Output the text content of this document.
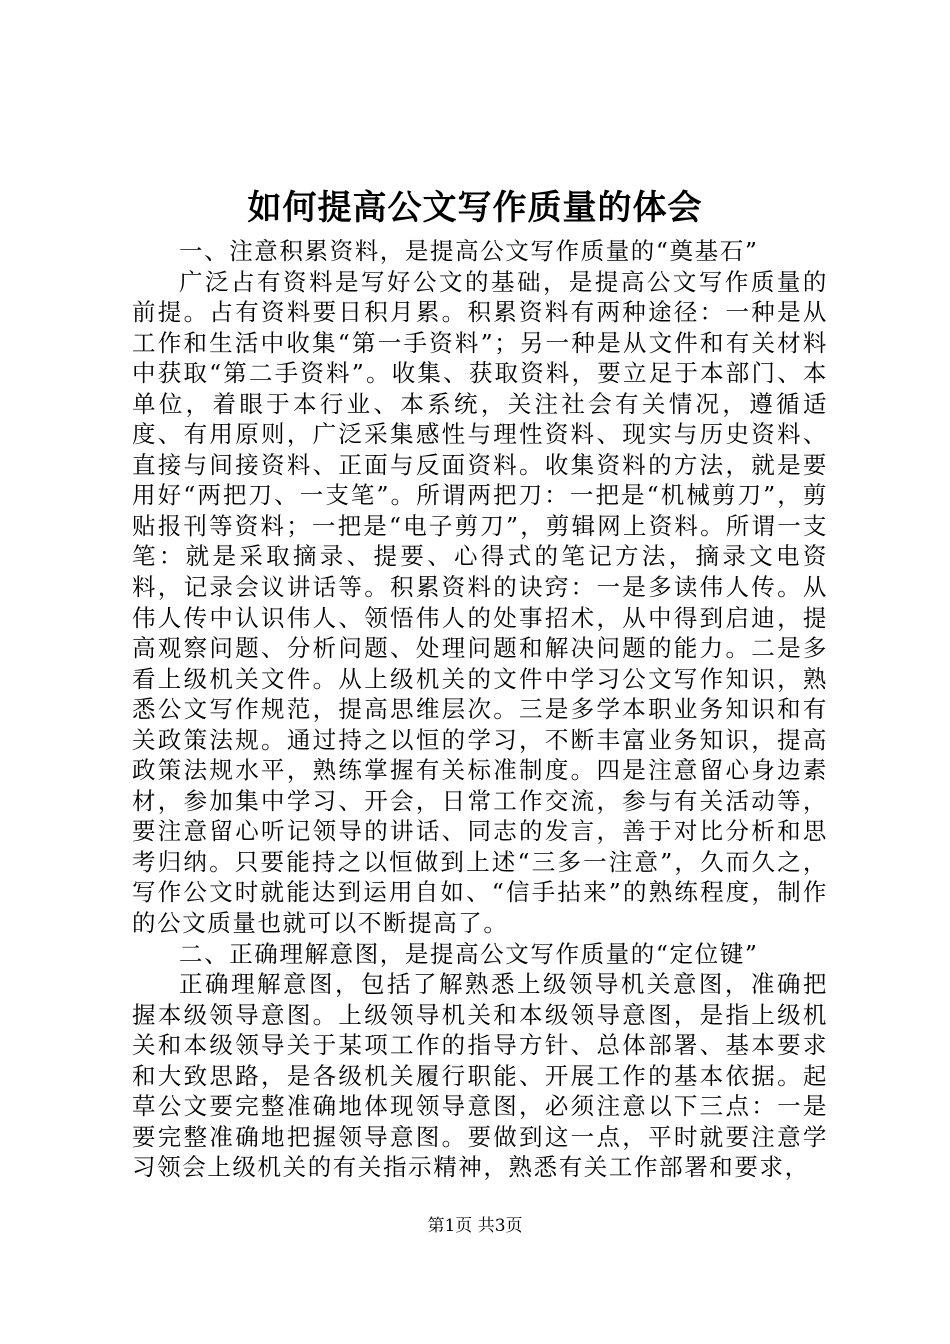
如何提高公文写作质量的体会
一、注意积累资料，是提高公文写作质量的“奠基石”

广泛占有资料是写好公文的基础，是提高公文写作质量的前提。占有资料要日积月累。积累资料有两种途径：一种是从工作和生活中收集“第一手资料”；另一种是从文件和有关材料中获取“第二手资料”。收集、获取资料，要立足于本部门、本单位，着眼于本行业、本系统，关注社会有关情况，遵循适度、有用原则，广泛采集感性与理性资料、现实与历史资料、直接与间接资料、正面与反面资料。收集资料的方法，就是要用好“两把刀、一支笔”。所谓两把刀：一把是“机械剪刀”，剪贴报刊等资料；一把是“电子剪刀”，剪辑网上资料。所谓一支笔：就是采取摘录、提要、心得式的笔记方法，摘录文电资料，记录会议讲话等。积累资料的诀窍：一是多读伟人传。从伟人传中认识伟人、领悟伟人的处事招术，从中得到启迪，提高观察问题、分析问题、处理问题和解决问题的能力。二是多看上级机关文件。从上级机关的文件中学习公文写作知识，熟悉公文写作规范，提高思维层次。三是多学本职业务知识和有关政策法规。通过持之以恒的学习，不断丰富业务知识，提高政策法规水平，熟练掌握有关标准制度。四是注意留心身边素材，参加集中学习、开会，日常工作交流，参与有关活动等，要注意留心听记领导的讲话、同志的发言，善于对比分析和思考归纳。只要能持之以恒做到上述“三多一注意”，久而久之，写作公文时就能达到运用自如、“信手拈来”的熟练程度，制作的公文质量也就可以不断提高了。

二、正确理解意图，是提高公文写作质量的“定位键”

正确理解意图，包括了解熟悉上级领导机关意图，准确把握本级领导意图。上级领导机关和本级领导意图，是指上级机关和本级领导关于某项工作的指导方针、总体部署、基本要求和大致思路，是各级机关履行职能、开展工作的基本依据。起草公文要完整准确地体现领导意图，必须注意以下三点：一是要完整准确地把握领导意图。要做到这一点，平时就要注意学习领会上级机关的有关指示精神，熟悉有关工作部署和要求，

第1页 共3页
